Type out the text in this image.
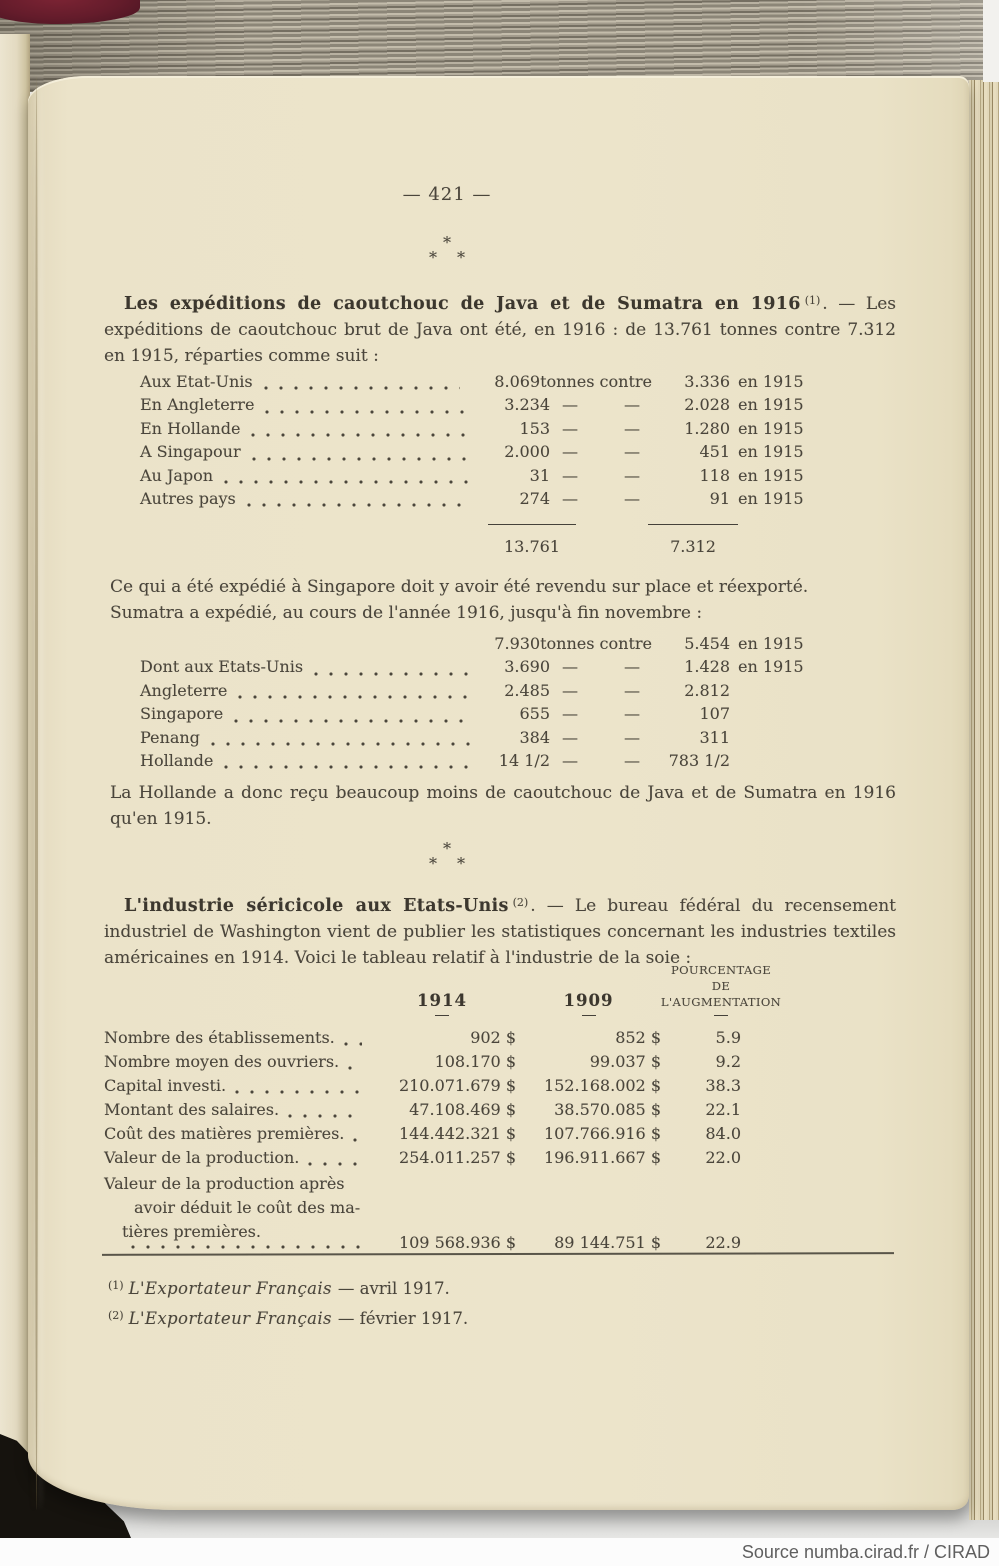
— 421 —
*
* *

Les expéditions de caoutchouc de Java et de Sumatra en 1916 $^{(1)}$ . — Les expéditions de caoutchouc brut de Java ont été, en 1916 : de 13.761 tonnes contre 7.312 en 1915, réparties comme suit :

Aux Etat-Unis	8.069 tonnes contre	3.336 en 1915
En Angleterre	3.234 —	—	2.028 en 1915
En Hollande	153 —	—	1.280 en 1915
A Singapour	2.000 —	—	451 en 1915
Au Japon	31 —	—	118 en 1915
Autres pays	274 —	—	91 en 1915
13.761	7.312

Ce qui a été expédié à Singapore doit y avoir été revendu sur place et réexporté.
Sumatra a expédié, au cours de l'année 1916, jusqu'à fin novembre :

7.930 tonnes contre	5.454 en 1915
Dont aux Etats-Unis	3.690 —	—	1.428 en 1915
Angleterre	2.485 —	—	2.812
Singapore	655 —	—	107
Penang	384 —	—	311
Hollande	14 1/2 —	—	783 1/2

La Hollande a donc reçu beaucoup moins de caoutchouc de Java et de Sumatra en 1916
qu'en 1915.

*
* *

L'industrie séricicole aux Etats-Unis $^{(2)}$ . — Le bureau fédéral du recensement industriel de Washington vient de publier les statistiques concernant les industries textiles américaines en 1914. Voici le tableau relatif à l'industrie de la soie :

1914	1909
POURCENTAGE
DE
L'AUGMENTATION
Nombre des établissements.	902 $	852 $	5.9
Nombre moyen des ouvriers.	108.170 $	99.037 $	9.2
Capital investi.	210.071.679 $	152.168.002 $	38.3
Montant des salaires.	47.108.469 $	38.570.085 $	22.1
Coût des matières premières.	144.442.321 $	107.766.916 $	84.0
Valeur de la production.	254.011.257 $	196.911.667 $	22.0
Valeur de la production après
avoir déduit le coût des ma-
tières premières.
109 568.936 $	89 144.751 $	22.9
$^{(1)}$ L'Exportateur Français — avril 1917.
$^{(2)}$ L'Exportateur Français — février 1917.
Source numba.cirad.fr / CIRAD
